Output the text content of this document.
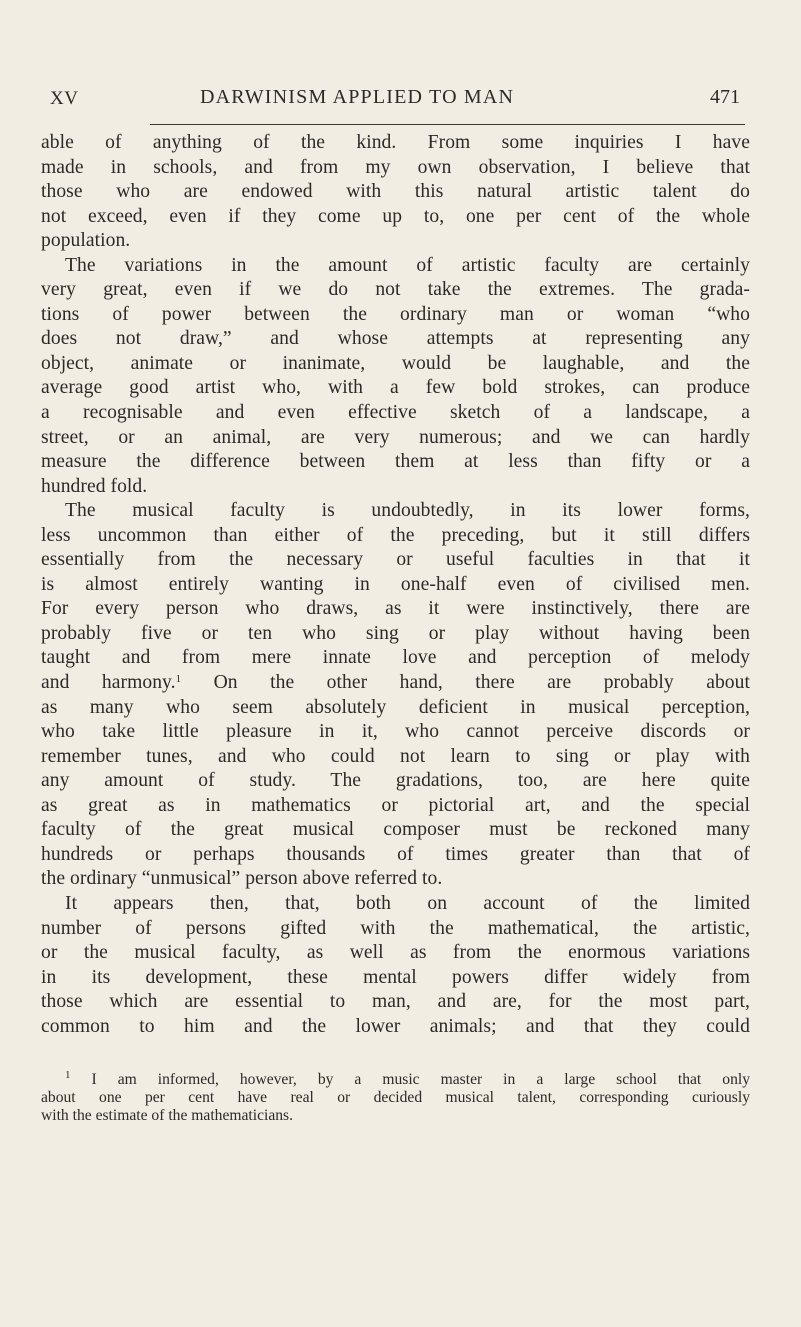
XV	DARWINISM APPLIED TO MAN	471
able of anything of the kind. From some inquiries I have
made in schools, and from my own observation, I believe that
those who are endowed with this natural artistic talent do
not exceed, even if they come up to, one per cent of the whole
population.
The variations in the amount of artistic faculty are certainly
very great, even if we do not take the extremes. The grada-
tions of power between the ordinary man or woman “who
does not draw,” and whose attempts at representing any
object, animate or inanimate, would be laughable, and the
average good artist who, with a few bold strokes, can produce
a recognisable and even effective sketch of a landscape, a
street, or an animal, are very numerous; and we can hardly
measure the difference between them at less than fifty or a
hundred fold.
The musical faculty is undoubtedly, in its lower forms,
less uncommon than either of the preceding, but it still differs
essentially from the necessary or useful faculties in that it
is almost entirely wanting in one-half even of civilised men.
For every person who draws, as it were instinctively, there are
probably five or ten who sing or play without having been
taught and from mere innate love and perception of melody
and harmony.$^1$ On the other hand, there are probably about
as many who seem absolutely deficient in musical perception,
who take little pleasure in it, who cannot perceive discords or
remember tunes, and who could not learn to sing or play with
any amount of study. The gradations, too, are here quite
as great as in mathematics or pictorial art, and the special
faculty of the great musical composer must be reckoned many
hundreds or perhaps thousands of times greater than that of
the ordinary “unmusical” person above referred to.
It appears then, that, both on account of the limited
number of persons gifted with the mathematical, the artistic,
or the musical faculty, as well as from the enormous variations
in its development, these mental powers differ widely from
those which are essential to man, and are, for the most part,
common to him and the lower animals; and that they could
$^1$ I am informed, however, by a music master in a large school that only
about one per cent have real or decided musical talent, corresponding curiously
with the estimate of the mathematicians.
